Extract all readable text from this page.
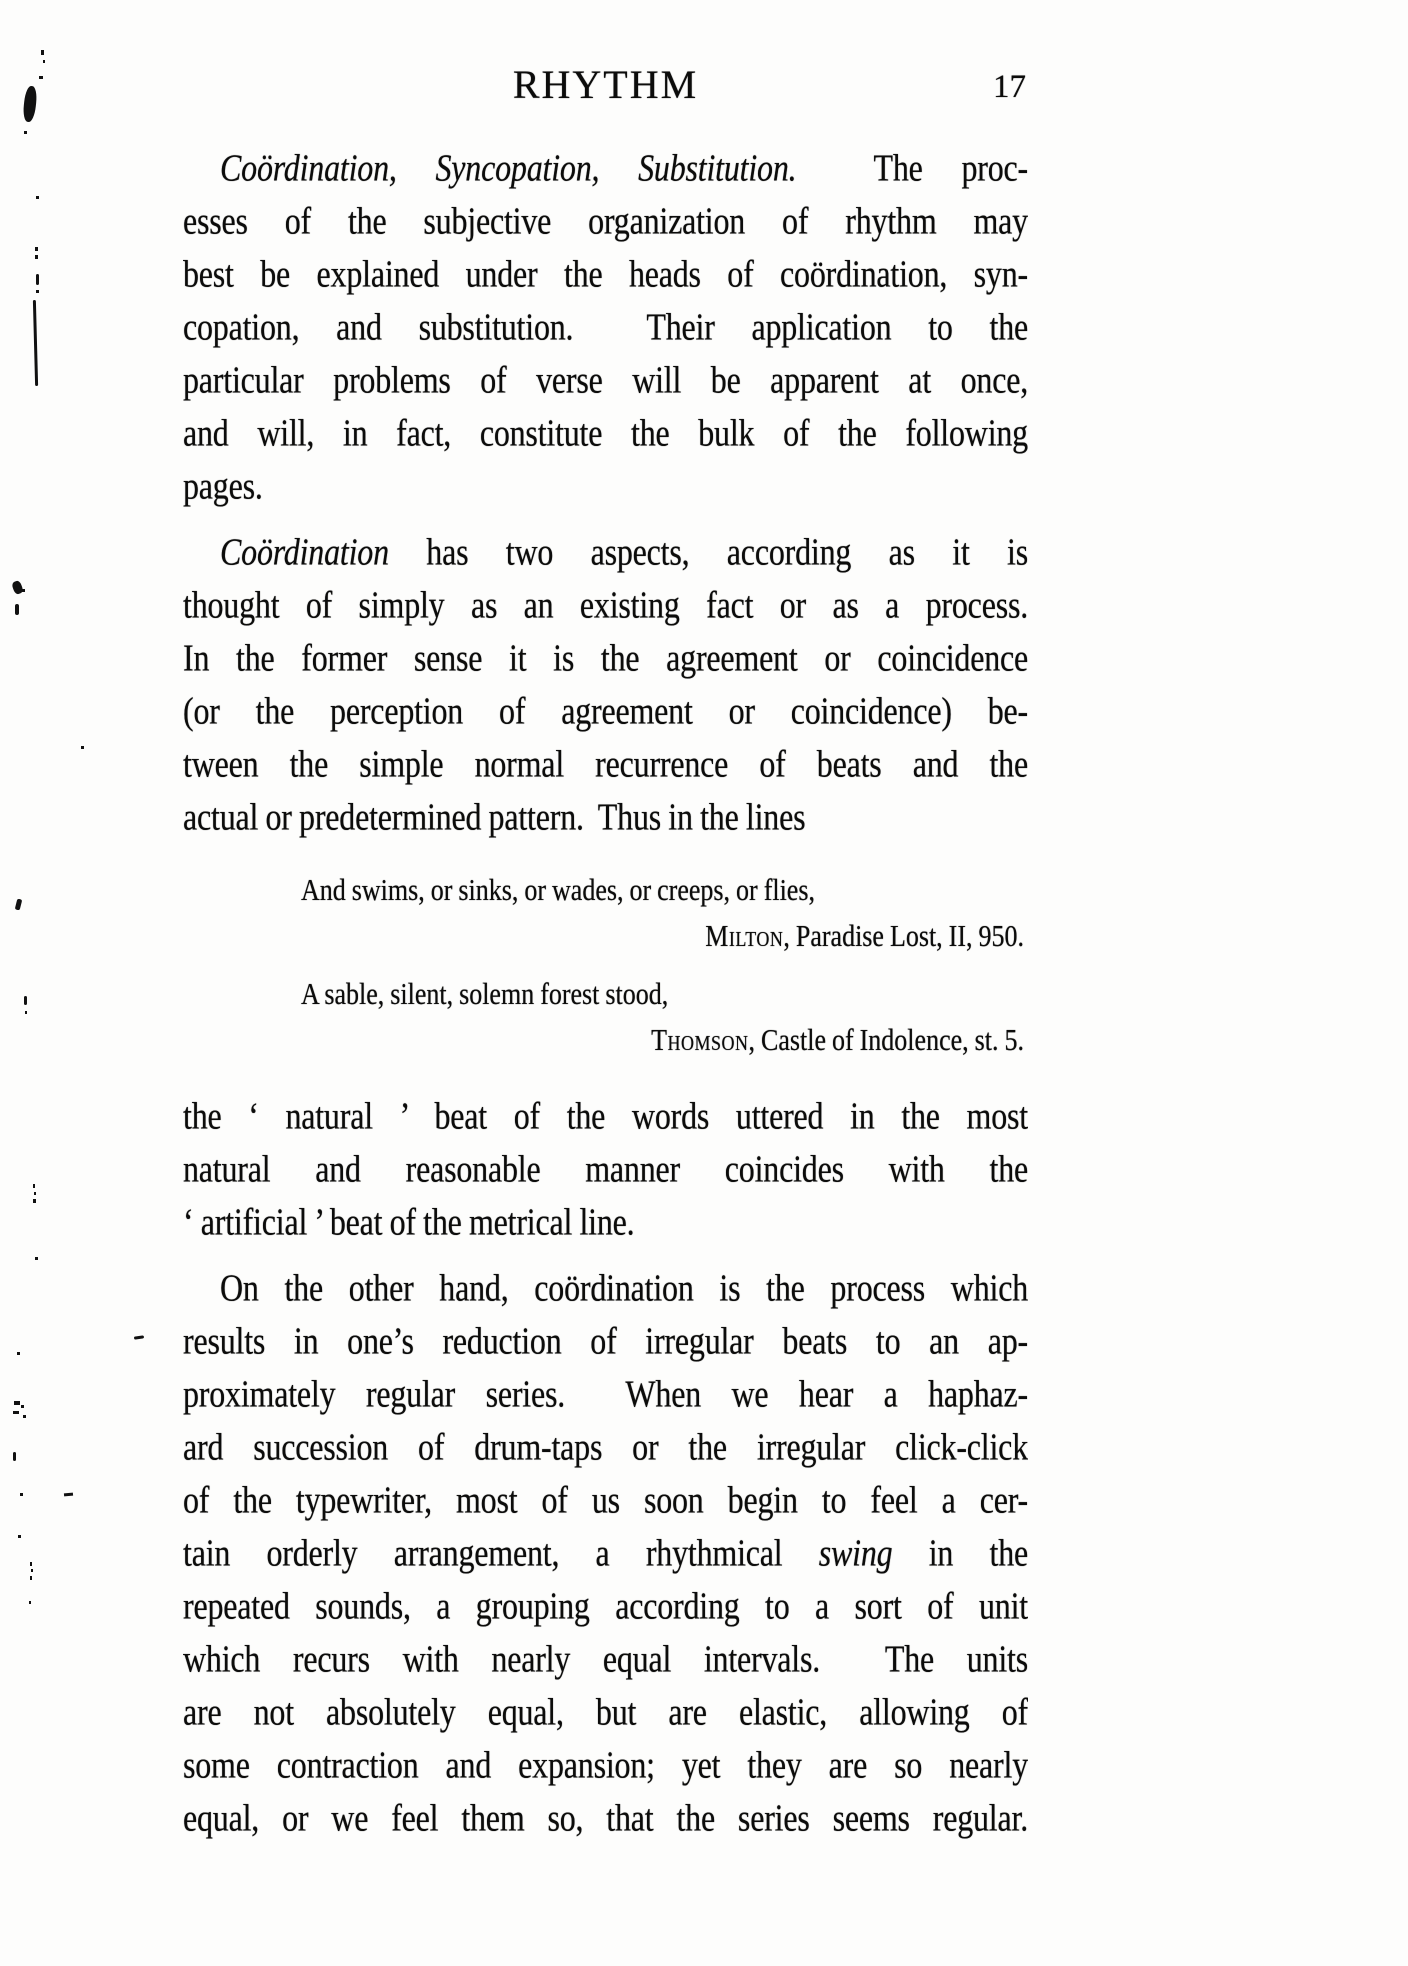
RHYTHM	17
Coördination, Syncopation, Substitution.  The proc-
esses of the subjective organization of rhythm may
best be explained under the heads of coördination, syn-
copation, and substitution.  Their application to the
particular problems of verse will be apparent at once,
and will, in fact, constitute the bulk of the following
pages.
Coördination has two aspects, according as it is
thought of simply as an existing fact or as a process.
In the former sense it is the agreement or coincidence
(or the perception of agreement or coincidence) be-
tween the simple normal recurrence of beats and the
actual or predetermined pattern.  Thus in the lines
And swims, or sinks, or wades, or creeps, or flies,
Milton, Paradise Lost, II, 950.
A sable, silent, solemn forest stood,
Thomson, Castle of Indolence, st. 5.
the ‘ natural ’ beat of the words uttered in the most
natural and reasonable manner coincides with the
‘ artificial ’ beat of the metrical line.
On the other hand, coördination is the process which
results in one’s reduction of irregular beats to an ap-
proximately regular series.  When we hear a haphaz-
ard succession of drum-taps or the irregular click-click
of the typewriter, most of us soon begin to feel a cer-
tain orderly arrangement, a rhythmical swing in the
repeated sounds, a grouping according to a sort of unit
which recurs with nearly equal intervals.  The units
are not absolutely equal, but are elastic, allowing of
some contraction and expansion; yet they are so nearly
equal, or we feel them so, that the series seems regular.
